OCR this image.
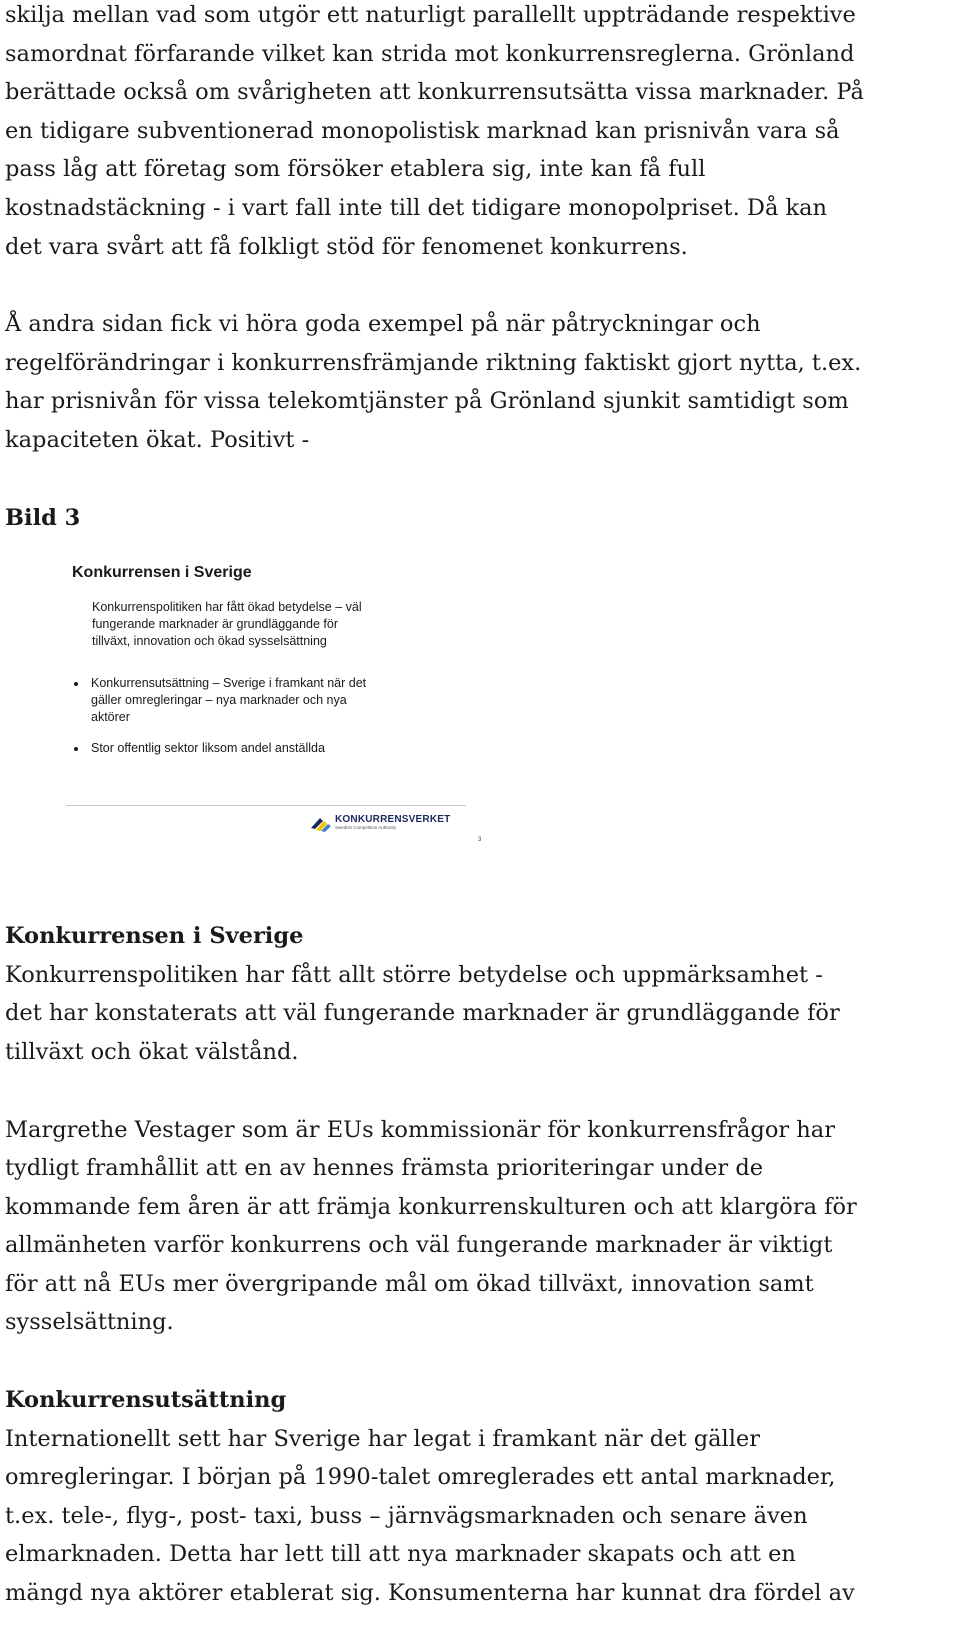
skilja mellan vad som utgör ett naturligt parallellt uppträdande respektive
samordnat förfarande vilket kan strida mot konkurrensreglerna. Grönland
berättade också om svårigheten att konkurrensutsätta vissa marknader. På
en tidigare subventionerad monopolistisk marknad kan prisnivån vara så
pass låg att företag som försöker etablera sig, inte kan få full
kostnadstäckning - i vart fall inte till det tidigare monopolpriset. Då kan
det vara svårt att få folkligt stöd för fenomenet konkurrens.

Å andra sidan fick vi höra goda exempel på när påtryckningar och
regelförändringar i konkurrensfrämjande riktning faktiskt gjort nytta, t.ex.
har prisnivån för vissa telekomtjänster på Grönland sjunkit samtidigt som
kapaciteten ökat. Positivt -

Bild 3
Konkurrensen i Sverige
Konkurrenspolitiken har fått ökad betydelse – väl
fungerande marknader är grundläggande för
tillväxt, innovation och ökad sysselsättning
Konkurrensutsättning – Sverige i framkant när det
gäller omregleringar – nya marknader och nya
aktörer
Stor offentlig sektor liksom andel anställda
KONKURRENSVERKET
Swedish Competition Authority
3
Konkurrensen i Sverige

Konkurrenspolitiken har fått allt större betydelse och uppmärksamhet -
det har konstaterats att väl fungerande marknader är grundläggande för
tillväxt och ökat välstånd.

Margrethe Vestager som är EUs kommissionär för konkurrensfrågor har
tydligt framhållit att en av hennes främsta prioriteringar under de
kommande fem åren är att främja konkurrenskulturen och att klargöra för
allmänheten varför konkurrens och väl fungerande marknader är viktigt
för att nå EUs mer övergripande mål om ökad tillväxt, innovation samt
sysselsättning.

Konkurrensutsättning

Internationellt sett har Sverige har legat i framkant när det gäller
omregleringar. I början på 1990-talet omreglerades ett antal marknader,
t.ex. tele-, flyg-, post- taxi, buss – järnvägsmarknaden och senare även
elmarknaden. Detta har lett till att nya marknader skapats och att en
mängd nya aktörer etablerat sig. Konsumenterna har kunnat dra fördel av
